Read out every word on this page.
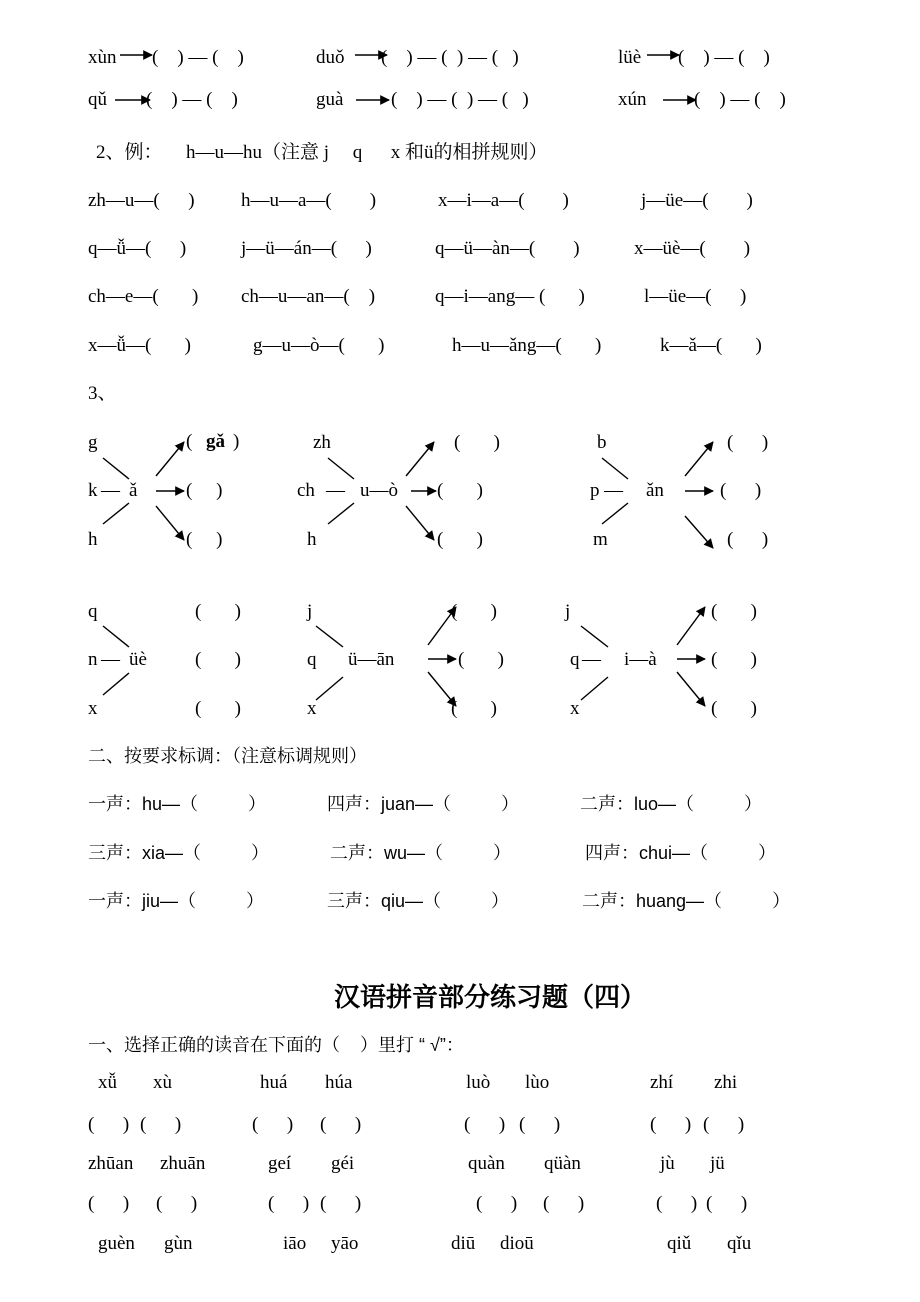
xùn (    ) — (    )	duǒ (    ) — (  ) — (   )	lüè (    ) — (    )
qǔ (    ) — (    )	guà	(    ) — (  ) — (   )	xún	(    ) — (    )
2、例： h—u—hu（注意 j     q      x 和ü的相拼规则）
zh—u—(      ) h—u—a—(        )	x—i—a—(        )	j—üe—(        )
q—ǚ—(      )	j—ü—án—(      )	q—ü—àn—(        )	x—üè—(        )
ch—e—(       ) ch—u—an—(    )	q—i—ang— (       )	l—üe—(      )
x—ǚ—(       )	g—u—ò—(       )	h—u—ǎng—(       )	k—ǎ—(       )
3、
g
k — ǎ
h
( gǎ )
(     )
(     )
zh
ch — u—ò
h
(       )
(       )
(       )
b
p — ǎn
m
(      )
(      )
(      )
q
n — üè
x
(       )
(       )
(       )
j
q ü—ān
x
(       )
(       )
(       )
j
q — i—à
x
(       )
(       )
(       )
二、按要求标调：（注意标调规则）
一声：hu—（          ）	四声：juan—（          ）	二声：luo—（          ）
三声：xia—（          ）	二声：wu—（          ）	四声：chui—（          ）
一声：jiu—（          ）	三声：qiu—（          ）	二声：huang—（          ）
汉语拼音部分练习题（四）
一、选择正确的读音在下面的（    ）里打 “ √”：
xǚ xù	huá húa	luò lùo	zhí zhi
(      ) (      )	(      ) (      )	(      ) (      )	(      ) (      )
zhūan zhuān	geí géi	quàn qüàn	jù jü
(      ) (      )	(      ) (      )	(      ) (      )	(      ) (      )
guèn gùn	iāo yāo	diū dioū	qiǔ qǐu
